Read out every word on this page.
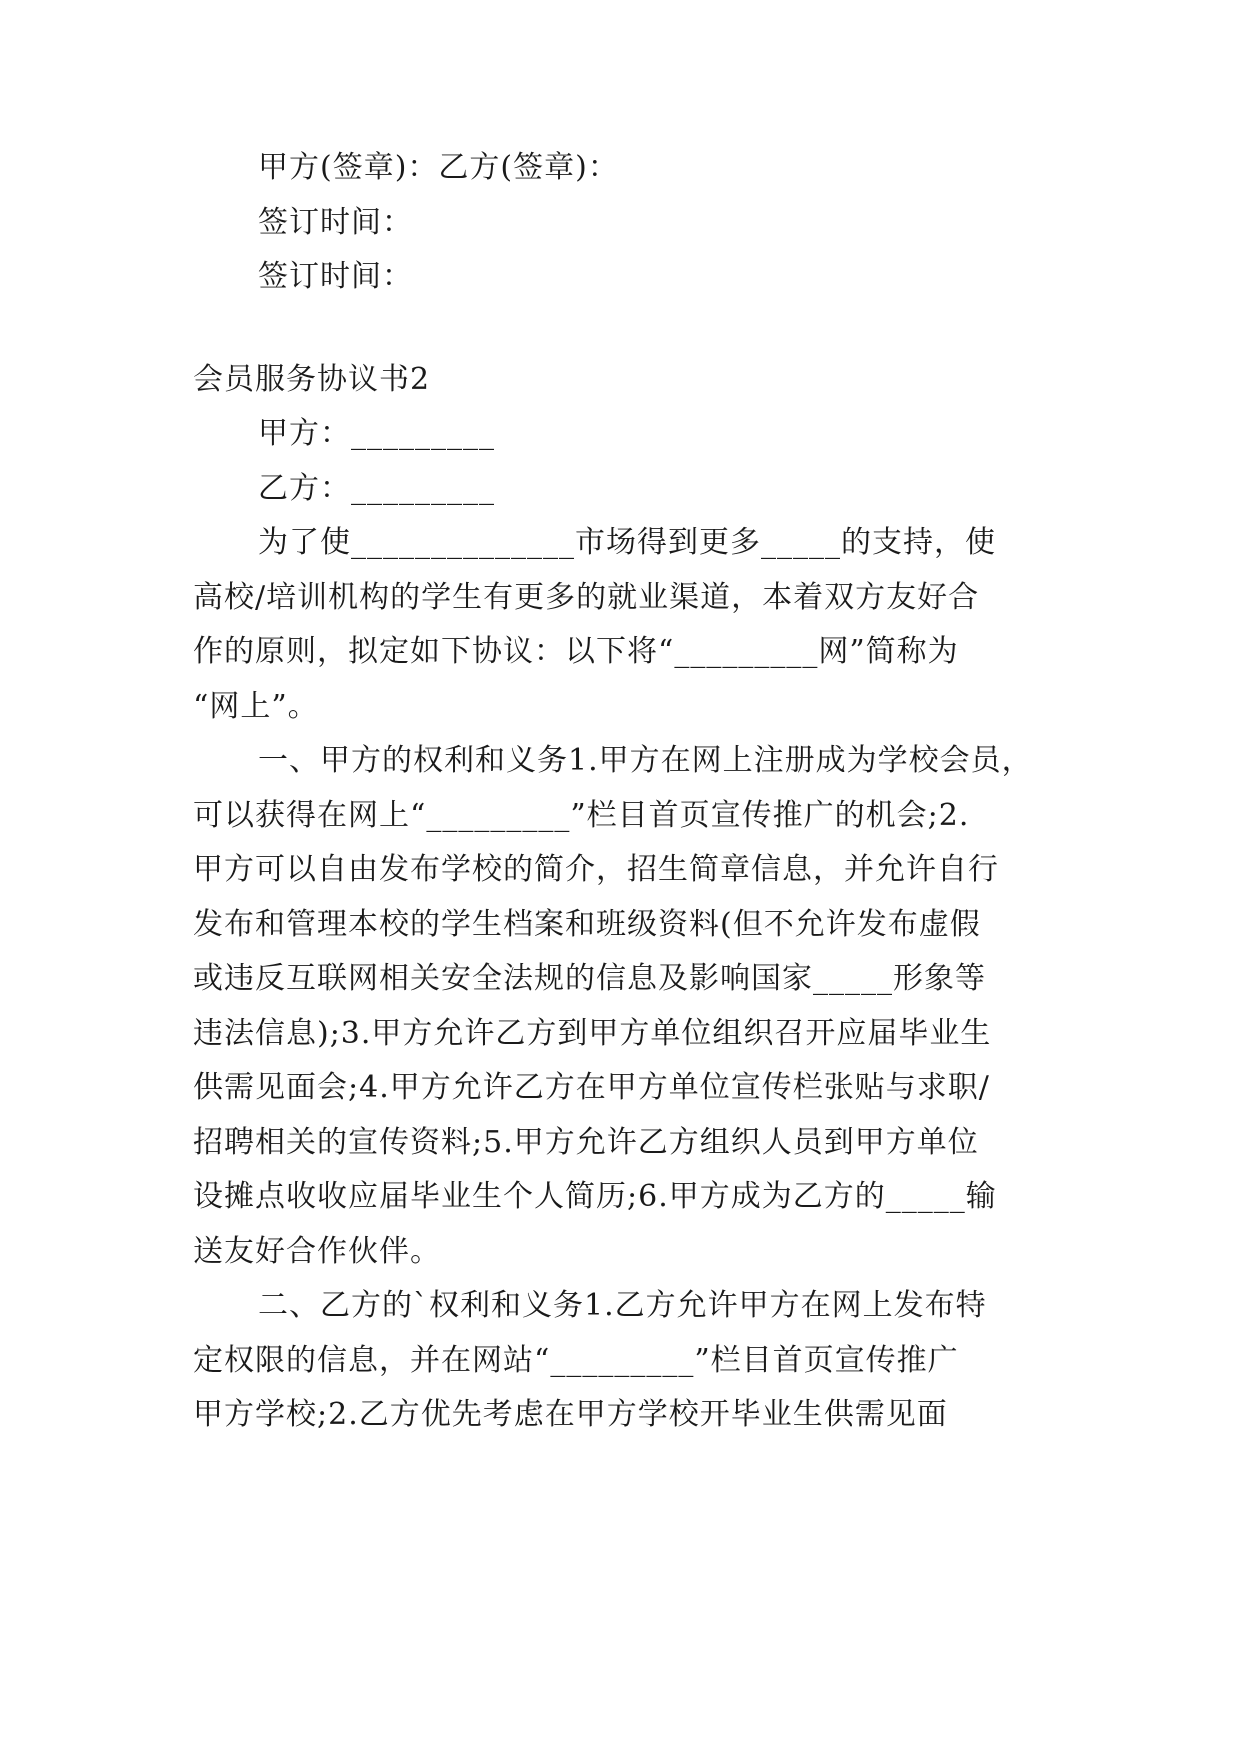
甲方(签章)：乙方(签章)：
签订时间：
签订时间：
会员服务协议书2
甲方：_________
乙方：_________
为了使______________市场得到更多_____的支持，使
高校/培训机构的学生有更多的就业渠道，本着双方友好合
作的原则，拟定如下协议：以下将“_________网”简称为
“网上”。
一、甲方的权利和义务1.甲方在网上注册成为学校会员，
可以获得在网上“_________”栏目首页宣传推广的机会;2.
甲方可以自由发布学校的简介，招生简章信息，并允许自行
发布和管理本校的学生档案和班级资料(但不允许发布虚假
或违反互联网相关安全法规的信息及影响国家_____形象等
违法信息);3.甲方允许乙方到甲方单位组织召开应届毕业生
供需见面会;4.甲方允许乙方在甲方单位宣传栏张贴与求职/
招聘相关的宣传资料;5.甲方允许乙方组织人员到甲方单位
设摊点收收应届毕业生个人简历;6.甲方成为乙方的_____输
送友好合作伙伴。
二、乙方的`权利和义务1.乙方允许甲方在网上发布特
定权限的信息，并在网站“_________”栏目首页宣传推广
甲方学校;2.乙方优先考虑在甲方学校开毕业生供需见面
